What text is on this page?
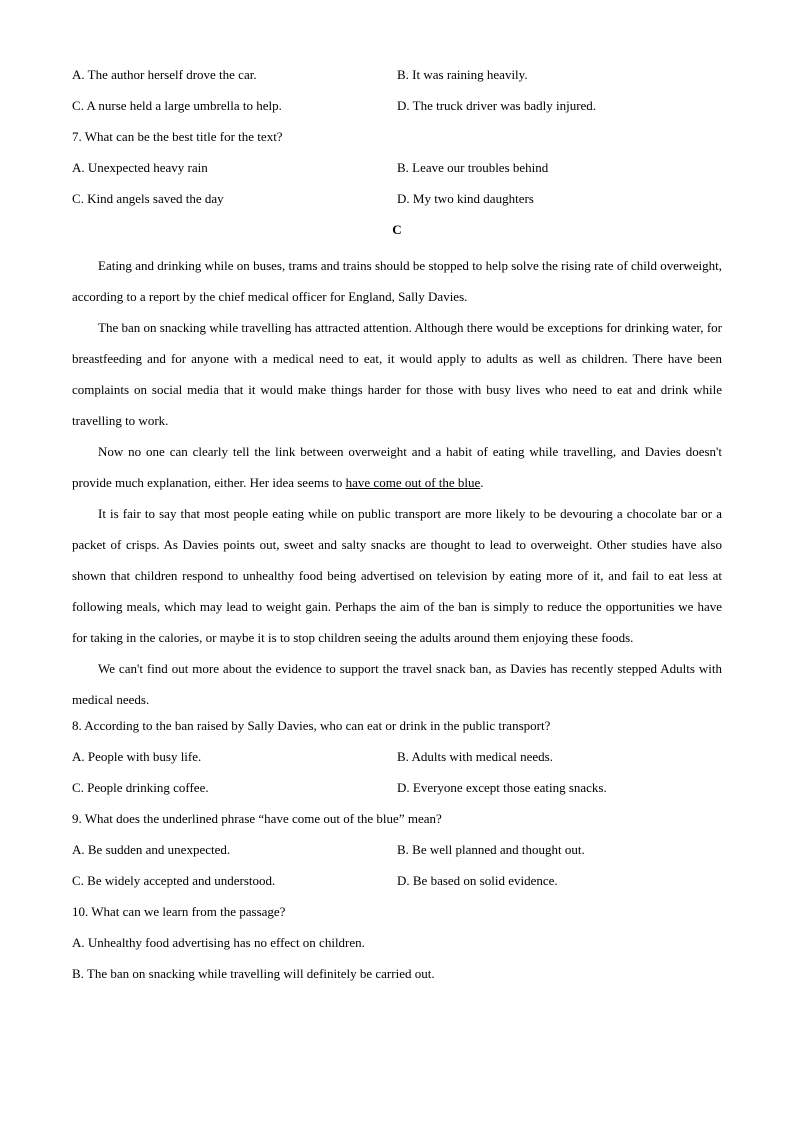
A. The author herself drove the car.	B. It was raining heavily.
C. A nurse held a large umbrella to help.	D. The truck driver was badly injured.
7. What can be the best title for the text?
A. Unexpected heavy rain	B. Leave our troubles behind
C. Kind angels saved the day	D. My two kind daughters
C

Eating and drinking while on buses, trams and trains should be stopped to help solve the rising rate of child overweight, according to a report by the chief medical officer for England, Sally Davies.

The ban on snacking while travelling has attracted attention. Although there would be exceptions for drinking water, for breastfeeding and for anyone with a medical need to eat, it would apply to adults as well as children. There have been complaints on social media that it would make things harder for those with busy lives who need to eat and drink while travelling to work.

Now no one can clearly tell the link between overweight and a habit of eating while travelling, and Davies doesn't provide much explanation, either. Her idea seems to have come out of the blue.

It is fair to say that most people eating while on public transport are more likely to be devouring a chocolate bar or a packet of crisps. As Davies points out, sweet and salty snacks are thought to lead to overweight. Other studies have also shown that children respond to unhealthy food being advertised on television by eating more of it, and fail to eat less at following meals, which may lead to weight gain. Perhaps the aim of the ban is simply to reduce the opportunities we have for taking in the calories, or maybe it is to stop children seeing the adults around them enjoying these foods.

We can't find out more about the evidence to support the travel snack ban, as Davies has recently stepped Adults with medical needs.

8. According to the ban raised by Sally Davies, who can eat or drink in the public transport?
A. People with busy life.	B. Adults with medical needs.
C. People drinking coffee.	D. Everyone except those eating snacks.
9. What does the underlined phrase “have come out of the blue” mean?
A. Be sudden and unexpected.	B. Be well planned and thought out.
C. Be widely accepted and understood.	D. Be based on solid evidence.
10. What can we learn from the passage?
A. Unhealthy food advertising has no effect on children.
B. The ban on snacking while travelling will definitely be carried out.
